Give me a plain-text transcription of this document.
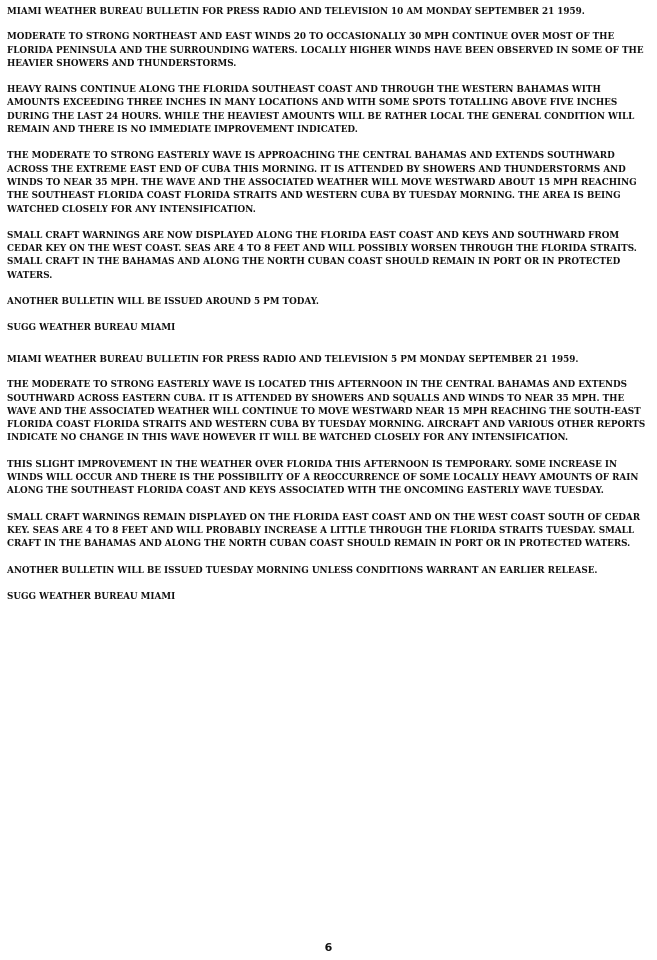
MIAMI WEATHER BUREAU BULLETIN FOR PRESS RADIO AND TELEVISION 10 AM MONDAY SEPTEMBER 21 1959.

MODERATE TO STRONG NORTHEAST AND EAST WINDS 20 TO OCCASIONALLY 30 MPH CONTINUE OVER MOST OF THE FLORIDA PENINSULA AND THE SURROUNDING WATERS. LOCALLY HIGHER WINDS HAVE BEEN OBSERVED IN SOME OF THE HEAVIER SHOWERS AND THUNDERSTORMS.

HEAVY RAINS CONTINUE ALONG THE FLORIDA SOUTHEAST COAST AND THROUGH THE WESTERN BAHAMAS WITH AMOUNTS EXCEEDING THREE INCHES IN MANY LOCATIONS AND WITH SOME SPOTS TOTALLING ABOVE FIVE INCHES DURING THE LAST 24 HOURS. WHILE THE HEAVIEST AMOUNTS WILL BE RATHER LOCAL THE GENERAL CONDITION WILL REMAIN AND THERE IS NO IMMEDIATE IMPROVEMENT INDICATED.

THE MODERATE TO STRONG EASTERLY WAVE IS APPROACHING THE CENTRAL BAHAMAS AND EXTENDS SOUTHWARD ACROSS THE EXTREME EAST END OF CUBA THIS MORNING. IT IS ATTENDED BY SHOWERS AND THUNDERSTORMS AND WINDS TO NEAR 35 MPH. THE WAVE AND THE ASSOCIATED WEATHER WILL MOVE WESTWARD ABOUT 15 MPH REACHING THE SOUTHEAST FLORIDA COAST FLORIDA STRAITS AND WESTERN CUBA BY TUESDAY MORNING. THE AREA IS BEING WATCHED CLOSELY FOR ANY INTENSIFICATION.

SMALL CRAFT WARNINGS ARE NOW DISPLAYED ALONG THE FLORIDA EAST COAST AND KEYS AND SOUTHWARD FROM CEDAR KEY ON THE WEST COAST. SEAS ARE 4 TO 8 FEET AND WILL POSSIBLY WORSEN THROUGH THE FLORIDA STRAITS. SMALL CRAFT IN THE BAHAMAS AND ALONG THE NORTH CUBAN COAST SHOULD REMAIN IN PORT OR IN PROTECTED WATERS.

ANOTHER BULLETIN WILL BE ISSUED AROUND 5 PM TODAY.

SUGG WEATHER BUREAU MIAMI

MIAMI WEATHER BUREAU BULLETIN FOR PRESS RADIO AND TELEVISION 5 PM MONDAY SEPTEMBER 21 1959.

THE MODERATE TO STRONG EASTERLY WAVE IS LOCATED THIS AFTERNOON IN THE CENTRAL BAHAMAS AND EXTENDS SOUTHWARD ACROSS EASTERN CUBA. IT IS ATTENDED BY SHOWERS AND SQUALLS AND WINDS TO NEAR 35 MPH. THE WAVE AND THE ASSOCIATED WEATHER WILL CONTINUE TO MOVE WESTWARD NEAR 15 MPH REACHING THE SOUTH-EAST FLORIDA COAST FLORIDA STRAITS AND WESTERN CUBA BY TUESDAY MORNING. AIRCRAFT AND VARIOUS OTHER REPORTS INDICATE NO CHANGE IN THIS WAVE HOWEVER IT WILL BE WATCHED CLOSELY FOR ANY INTENSIFICATION.

THIS SLIGHT IMPROVEMENT IN THE WEATHER OVER FLORIDA THIS AFTERNOON IS TEMPORARY. SOME INCREASE IN WINDS WILL OCCUR AND THERE IS THE POSSIBILITY OF A REOCCURRENCE OF SOME LOCALLY HEAVY AMOUNTS OF RAIN ALONG THE SOUTHEAST FLORIDA COAST AND KEYS ASSOCIATED WITH THE ONCOMING EASTERLY WAVE TUESDAY.

SMALL CRAFT WARNINGS REMAIN DISPLAYED ON THE FLORIDA EAST COAST AND ON THE WEST COAST SOUTH OF CEDAR KEY. SEAS ARE 4 TO 8 FEET AND WILL PROBABLY INCREASE A LITTLE THROUGH THE FLORIDA STRAITS TUESDAY. SMALL CRAFT IN THE BAHAMAS AND ALONG THE NORTH CUBAN COAST SHOULD REMAIN IN PORT OR IN PROTECTED WATERS.

ANOTHER BULLETIN WILL BE ISSUED TUESDAY MORNING UNLESS CONDITIONS WARRANT AN EARLIER RELEASE.

SUGG WEATHER BUREAU MIAMI

6
